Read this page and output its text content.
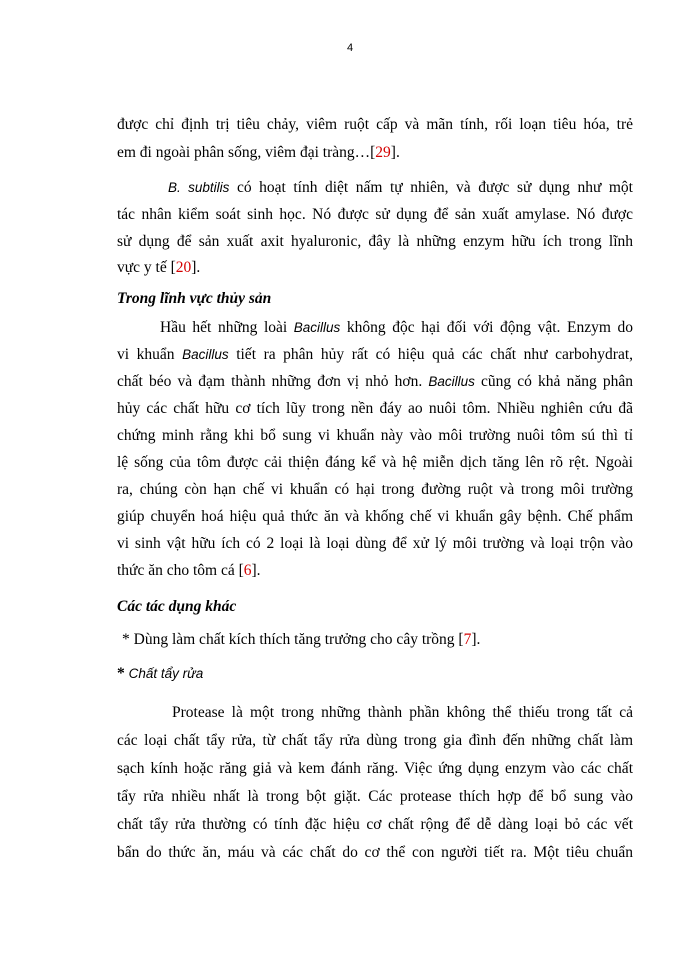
4
được chỉ định trị tiêu chảy, viêm ruột cấp và mãn tính, rối loạn tiêu hóa, trẻ
em đi ngoài phân sống, viêm đại tràng…[29].
B. subtilis có hoạt tính diệt nấm tự nhiên, và được sử dụng như một
tác nhân kiểm soát sinh học. Nó được sử dụng để sản xuất amylase. Nó được
sử dụng để sản xuất axit hyaluronic, đây là những enzym hữu ích trong lĩnh
vực y tế [20].
Trong lĩnh vực thủy sản
Hầu hết những loài Bacillus không độc hại đối với động vật. Enzym do
vi khuẩn Bacillus tiết ra phân hủy rất có hiệu quả các chất như carbohydrat,
chất béo và đạm thành những đơn vị nhỏ hơn. Bacillus cũng có khả năng phân
hủy các chất hữu cơ tích lũy trong nền đáy ao nuôi tôm. Nhiều nghiên cứu đã
chứng minh rằng khi bổ sung vi khuẩn này vào môi trường nuôi tôm sú thì tỉ
lệ sống của tôm được cải thiện đáng kể và hệ miễn dịch tăng lên rõ rệt. Ngoài
ra, chúng còn hạn chế vi khuẩn có hại trong đường ruột và trong môi trường
giúp chuyển hoá hiệu quả thức ăn và khống chế vi khuẩn gây bệnh. Chế phẩm
vi sinh vật hữu ích có 2 loại là loại dùng để xử lý môi trường và loại trộn vào
thức ăn cho tôm cá [6].
Các tác dụng khác
* Dùng làm chất kích thích tăng trưởng cho cây trồng [7].
* Chất tẩy rửa
Protease là một trong những thành phần không thể thiếu trong tất cả
các loại chất tẩy rửa, từ chất tẩy rửa dùng trong gia đình đến những chất làm
sạch kính hoặc răng giả và kem đánh răng. Việc ứng dụng enzym vào các chất
tẩy rửa nhiều nhất là trong bột giặt. Các protease thích hợp để bổ sung vào
chất tẩy rửa thường có tính đặc hiệu cơ chất rộng để dễ dàng loại bỏ các vết
bẩn do thức ăn, máu và các chất do cơ thể con người tiết ra. Một tiêu chuẩn
